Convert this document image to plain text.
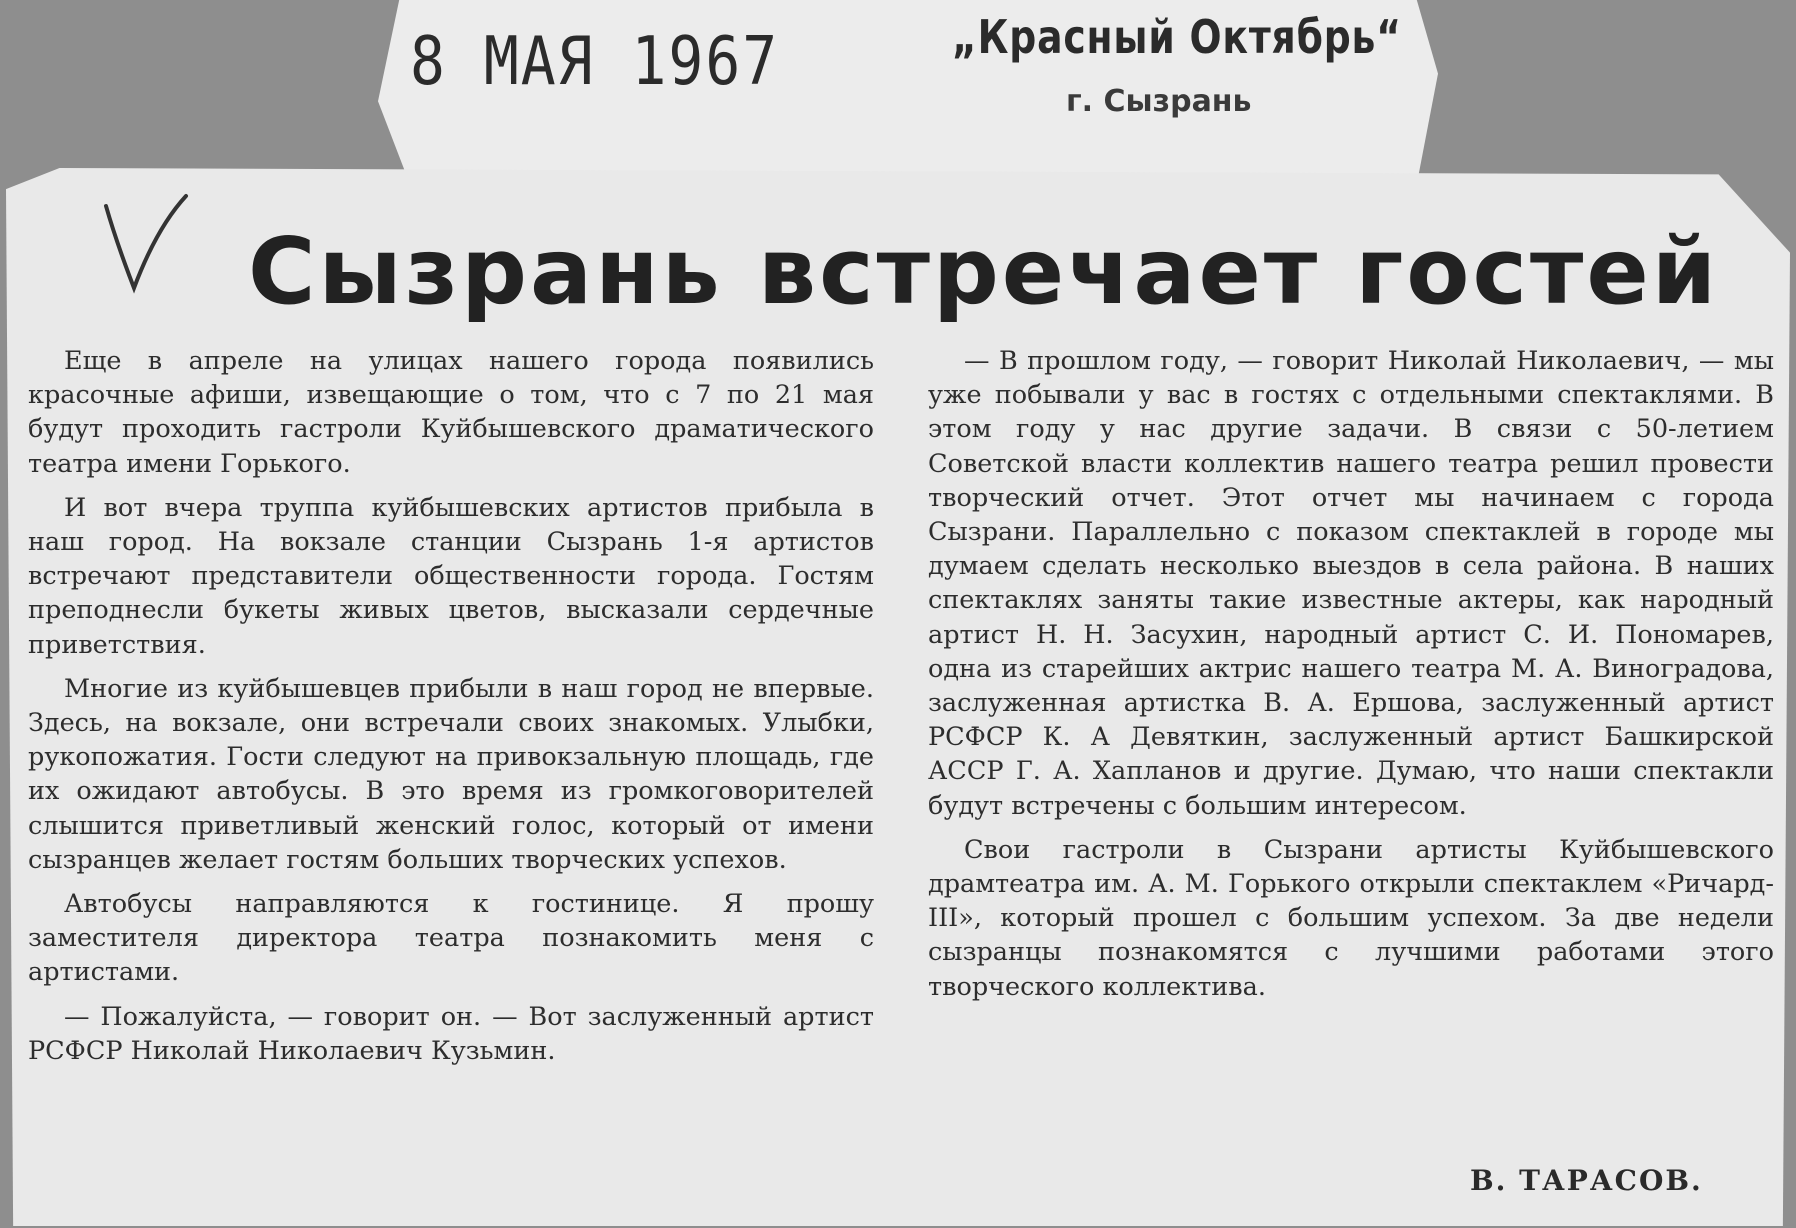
8 МАЯ 1967	„Красный Октябрь“
г. Сызрань
Сызрань встречает гостей

Еще в апреле на улицах нашего города появились красочные афиши, извещающие о том, что с 7 по 21 мая будут проходить гастроли Куйбышевского драматического театра имени Горького.

И вот вчера труппа куйбышевских артистов прибыла в наш город. На вокзале станции Сызрань 1-я артистов встречают представители общественности города. Гостям преподнесли букеты живых цветов, высказали сердечные приветствия.

Многие из куйбышевцев прибыли в наш город не впервые. Здесь, на вокзале, они встречали своих знакомых. Улыбки, рукопожатия. Гости следуют на привокзальную площадь, где их ожидают автобусы. В это время из громкоговорителей слышится приветливый женский голос, который от имени сызранцев желает гостям больших творческих успехов.

Автобусы направляются к гостинице. Я прошу заместителя директора театра познакомить меня с артистами.

— Пожалуйста, — говорит он. — Вот заслуженный артист РСФСР Николай Николаевич Кузьмин.

— В прошлом году, — говорит Николай Николаевич, — мы уже побывали у вас в гостях с отдельными спектаклями. В этом году у нас другие задачи. В связи с 50-летием Советской власти коллектив нашего театра решил провести творческий отчет. Этот отчет мы начинаем с города Сызрани. Параллельно с показом спектаклей в городе мы думаем сделать несколько выездов в села района. В наших спектаклях заняты такие известные актеры, как народный артист Н. Н. Засухин, народный артист С. И. Пономарев, одна из старейших актрис нашего театра М. А. Виноградова, заслуженная артистка В. А. Ершова, заслуженный артист РСФСР К. А Девяткин, заслуженный артист Башкирской АССР Г. А. Хапланов и другие. Думаю, что наши спектакли будут встречены с большим интересом.

Свои гастроли в Сызрани артисты Куйбышевского драмтеатра им. А. М. Горького открыли спектаклем «Ричард-III», который прошел с большим успехом. За две недели сызранцы познакомятся с лучшими работами этого творческого коллектива.

В. ТАРАСОВ.
